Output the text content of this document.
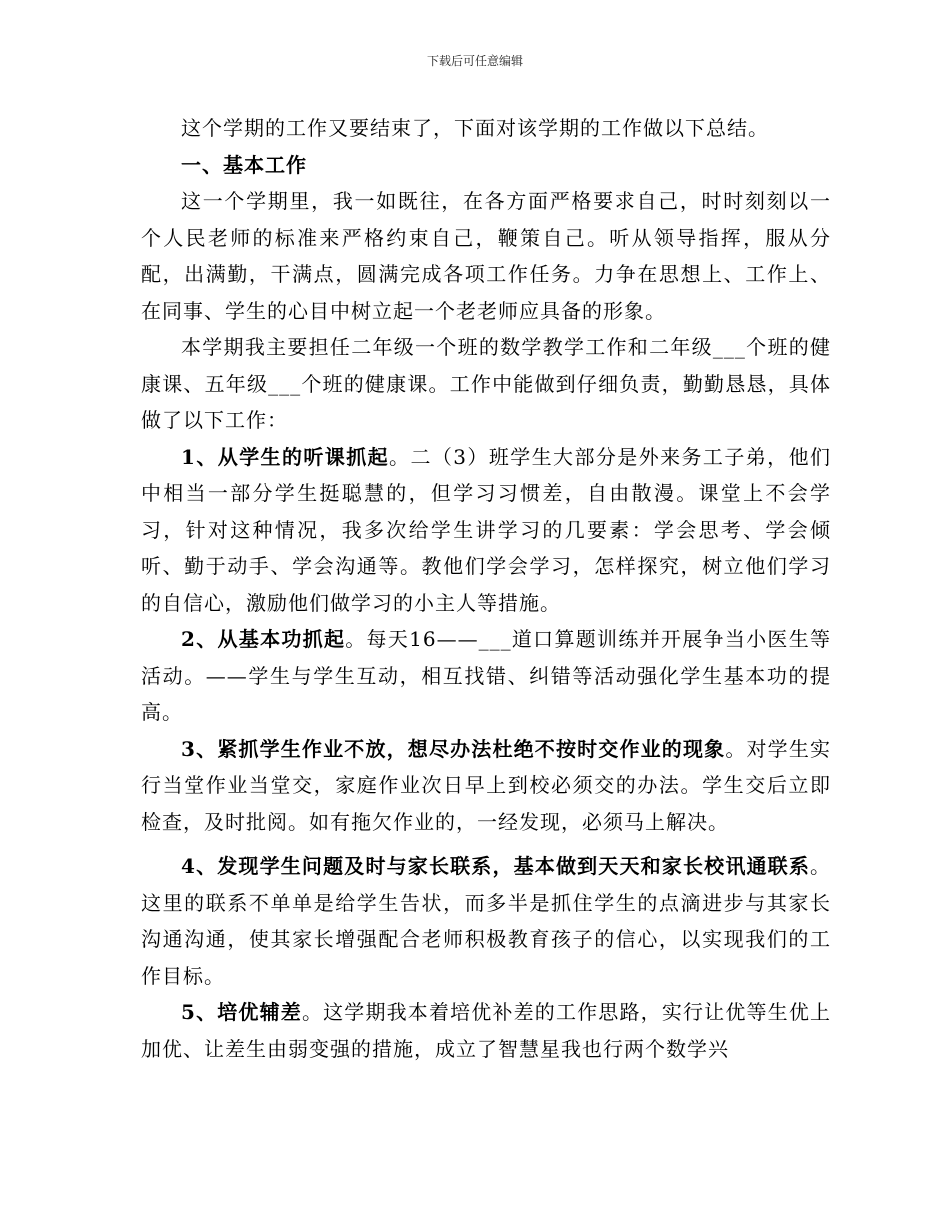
下载后可任意编辑

这个学期的工作又要结束了，下面对该学期的工作做以下总结。

一、基本工作

这一个学期里，我一如既往，在各方面严格要求自己，时时刻刻以一个人民老师的标准来严格约束自己，鞭策自己。听从领导指挥，服从分配，出满勤，干满点，圆满完成各项工作任务。力争在思想上、工作上、在同事、学生的心目中树立起一个老老师应具备的形象。

本学期我主要担任二年级一个班的数学教学工作和二年级___个班的健康课、五年级___个班的健康课。工作中能做到仔细负责，勤勤恳恳，具体做了以下工作：

1、从学生的听课抓起。二（3）班学生大部分是外来务工子弟，他们中相当一部分学生挺聪慧的，但学习习惯差，自由散漫。课堂上不会学习，针对这种情况，我多次给学生讲学习的几要素：学会思考、学会倾听、勤于动手、学会沟通等。教他们学会学习，怎样探究，树立他们学习的自信心，激励他们做学习的小主人等措施。

2、从基本功抓起。每天16——___道口算题训练并开展争当小医生等活动。——学生与学生互动，相互找错、纠错等活动强化学生基本功的提高。

3、紧抓学生作业不放，想尽办法杜绝不按时交作业的现象。对学生实行当堂作业当堂交，家庭作业次日早上到校必须交的办法。学生交后立即检查，及时批阅。如有拖欠作业的，一经发现，必须马上解决。

4、发现学生问题及时与家长联系，基本做到天天和家长校讯通联系。这里的联系不单单是给学生告状，而多半是抓住学生的点滴进步与其家长沟通沟通，使其家长增强配合老师积极教育孩子的信心，以实现我们的工作目标。

5、培优辅差。这学期我本着培优补差的工作思路，实行让优等生优上加优、让差生由弱变强的措施，成立了智慧星我也行两个数学兴
